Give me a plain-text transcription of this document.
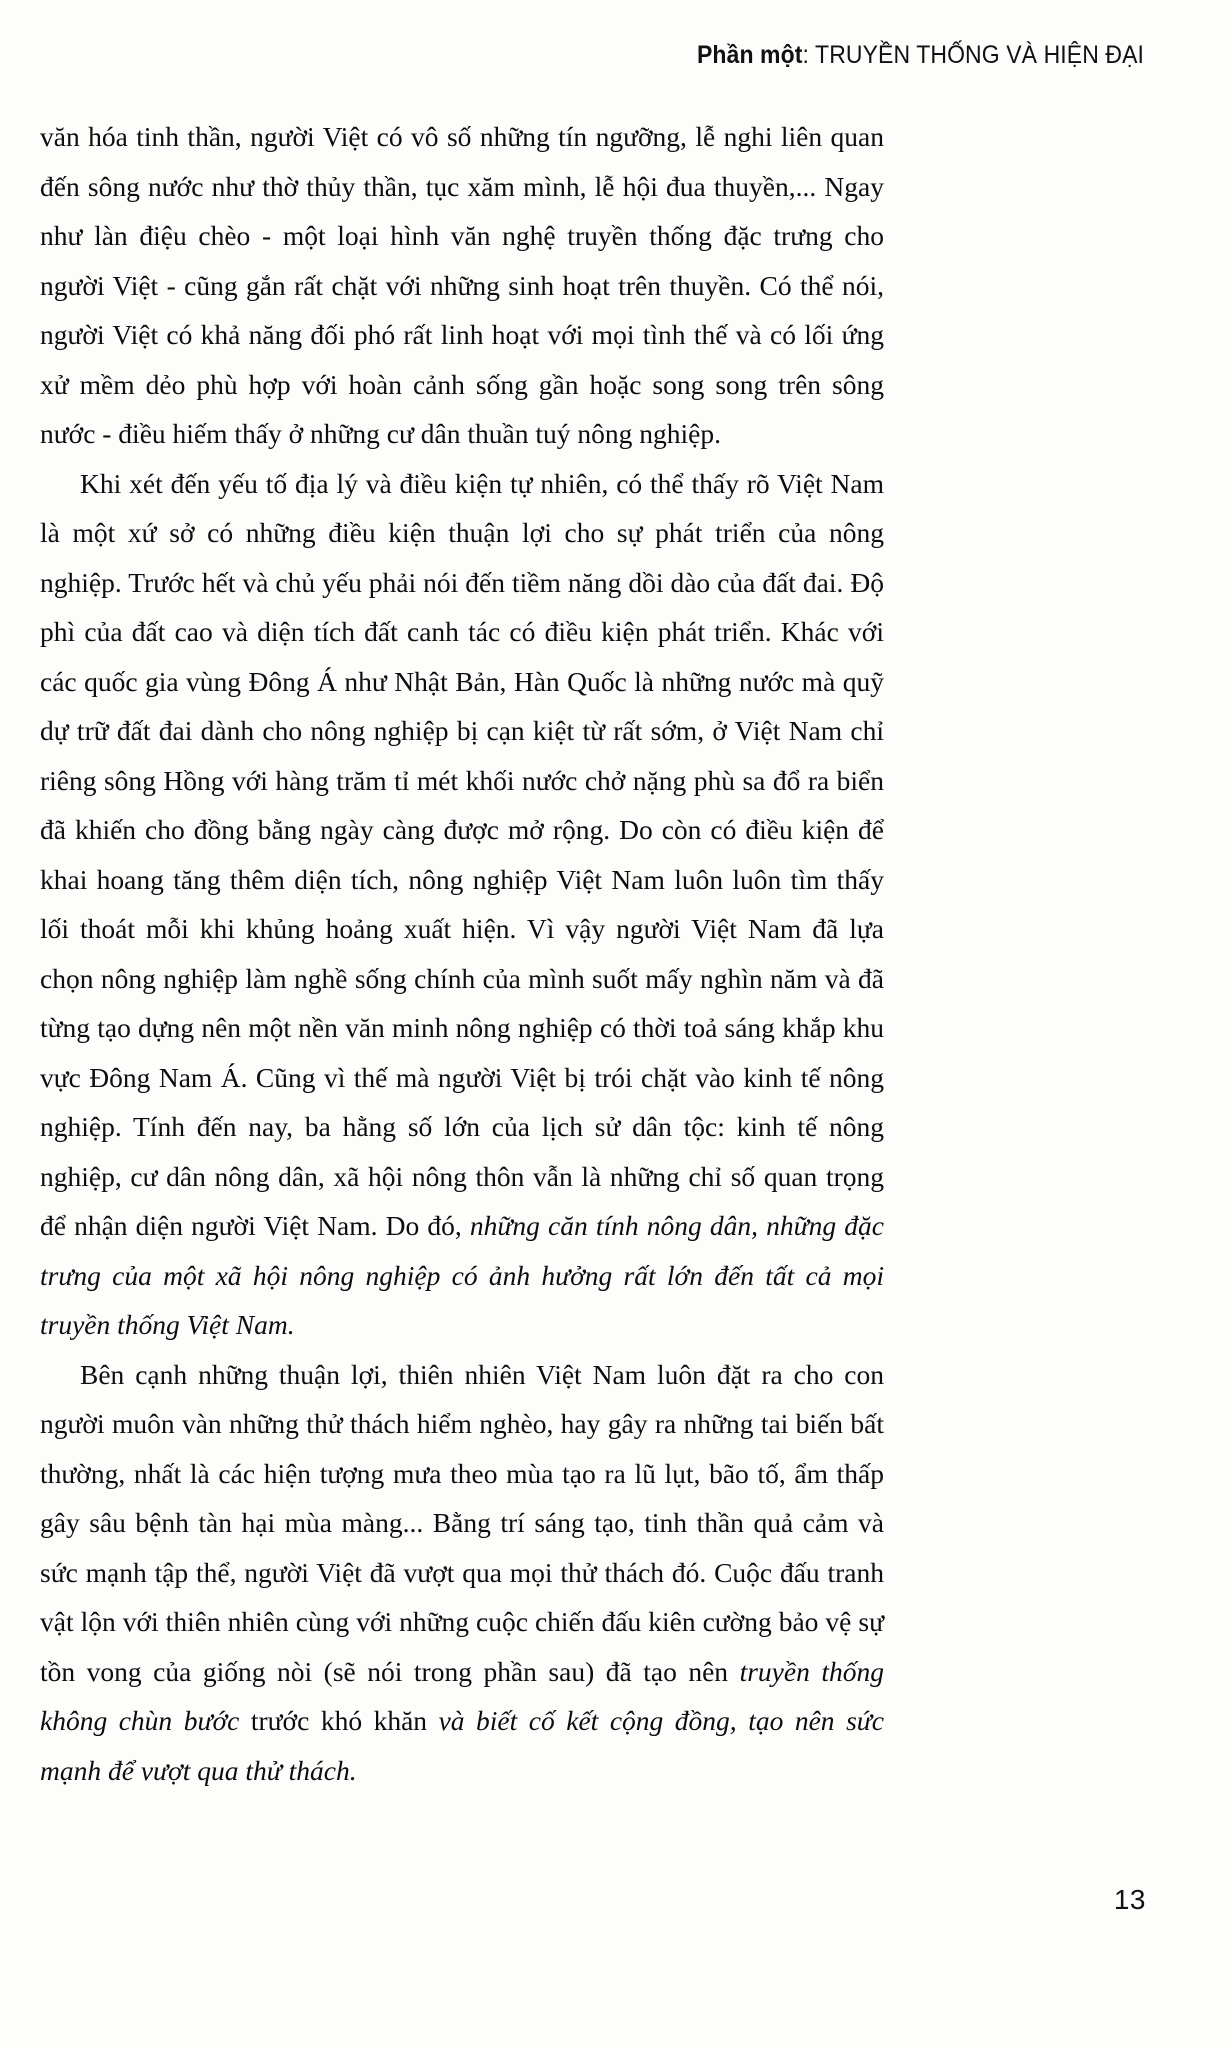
Phần một: TRUYỀN THỐNG VÀ HIỆN ĐẠI

văn hóa tinh thần, người Việt có vô số những tín ngưỡng, lễ nghi liên quan đến sông nước như thờ thủy thần, tục xăm mình, lễ hội đua thuyền,... Ngay như làn điệu chèo - một loại hình văn nghệ truyền thống đặc trưng cho người Việt - cũng gắn rất chặt với những sinh hoạt trên thuyền. Có thể nói, người Việt có khả năng đối phó rất linh hoạt với mọi tình thế và có lối ứng xử mềm dẻo phù hợp với hoàn cảnh sống gần hoặc song song trên sông nước - điều hiếm thấy ở những cư dân thuần tuý nông nghiệp.

Khi xét đến yếu tố địa lý và điều kiện tự nhiên, có thể thấy rõ Việt Nam là một xứ sở có những điều kiện thuận lợi cho sự phát triển của nông nghiệp. Trước hết và chủ yếu phải nói đến tiềm năng dồi dào của đất đai. Độ phì của đất cao và diện tích đất canh tác có điều kiện phát triển. Khác với các quốc gia vùng Đông Á như Nhật Bản, Hàn Quốc là những nước mà quỹ dự trữ đất đai dành cho nông nghiệp bị cạn kiệt từ rất sớm, ở Việt Nam chỉ riêng sông Hồng với hàng trăm tỉ mét khối nước chở nặng phù sa đổ ra biển đã khiến cho đồng bằng ngày càng được mở rộng. Do còn có điều kiện để khai hoang tăng thêm diện tích, nông nghiệp Việt Nam luôn luôn tìm thấy lối thoát mỗi khi khủng hoảng xuất hiện. Vì vậy người Việt Nam đã lựa chọn nông nghiệp làm nghề sống chính của mình suốt mấy nghìn năm và đã từng tạo dựng nên một nền văn minh nông nghiệp có thời toả sáng khắp khu vực Đông Nam Á. Cũng vì thế mà người Việt bị trói chặt vào kinh tế nông nghiệp. Tính đến nay, ba hằng số lớn của lịch sử dân tộc: kinh tế nông nghiệp, cư dân nông dân, xã hội nông thôn vẫn là những chỉ số quan trọng để nhận diện người Việt Nam. Do đó, những căn tính nông dân, những đặc trưng của một xã hội nông nghiệp có ảnh hưởng rất lớn đến tất cả mọi truyền thống Việt Nam.

Bên cạnh những thuận lợi, thiên nhiên Việt Nam luôn đặt ra cho con người muôn vàn những thử thách hiểm nghèo, hay gây ra những tai biến bất thường, nhất là các hiện tượng mưa theo mùa tạo ra lũ lụt, bão tố, ẩm thấp gây sâu bệnh tàn hại mùa màng... Bằng trí sáng tạo, tinh thần quả cảm và sức mạnh tập thể, người Việt đã vượt qua mọi thử thách đó. Cuộc đấu tranh vật lộn với thiên nhiên cùng với những cuộc chiến đấu kiên cường bảo vệ sự tồn vong của giống nòi (sẽ nói trong phần sau) đã tạo nên truyền thống không chùn bước trước khó khăn và biết cố kết cộng đồng, tạo nên sức mạnh để vượt qua thử thách.

13
